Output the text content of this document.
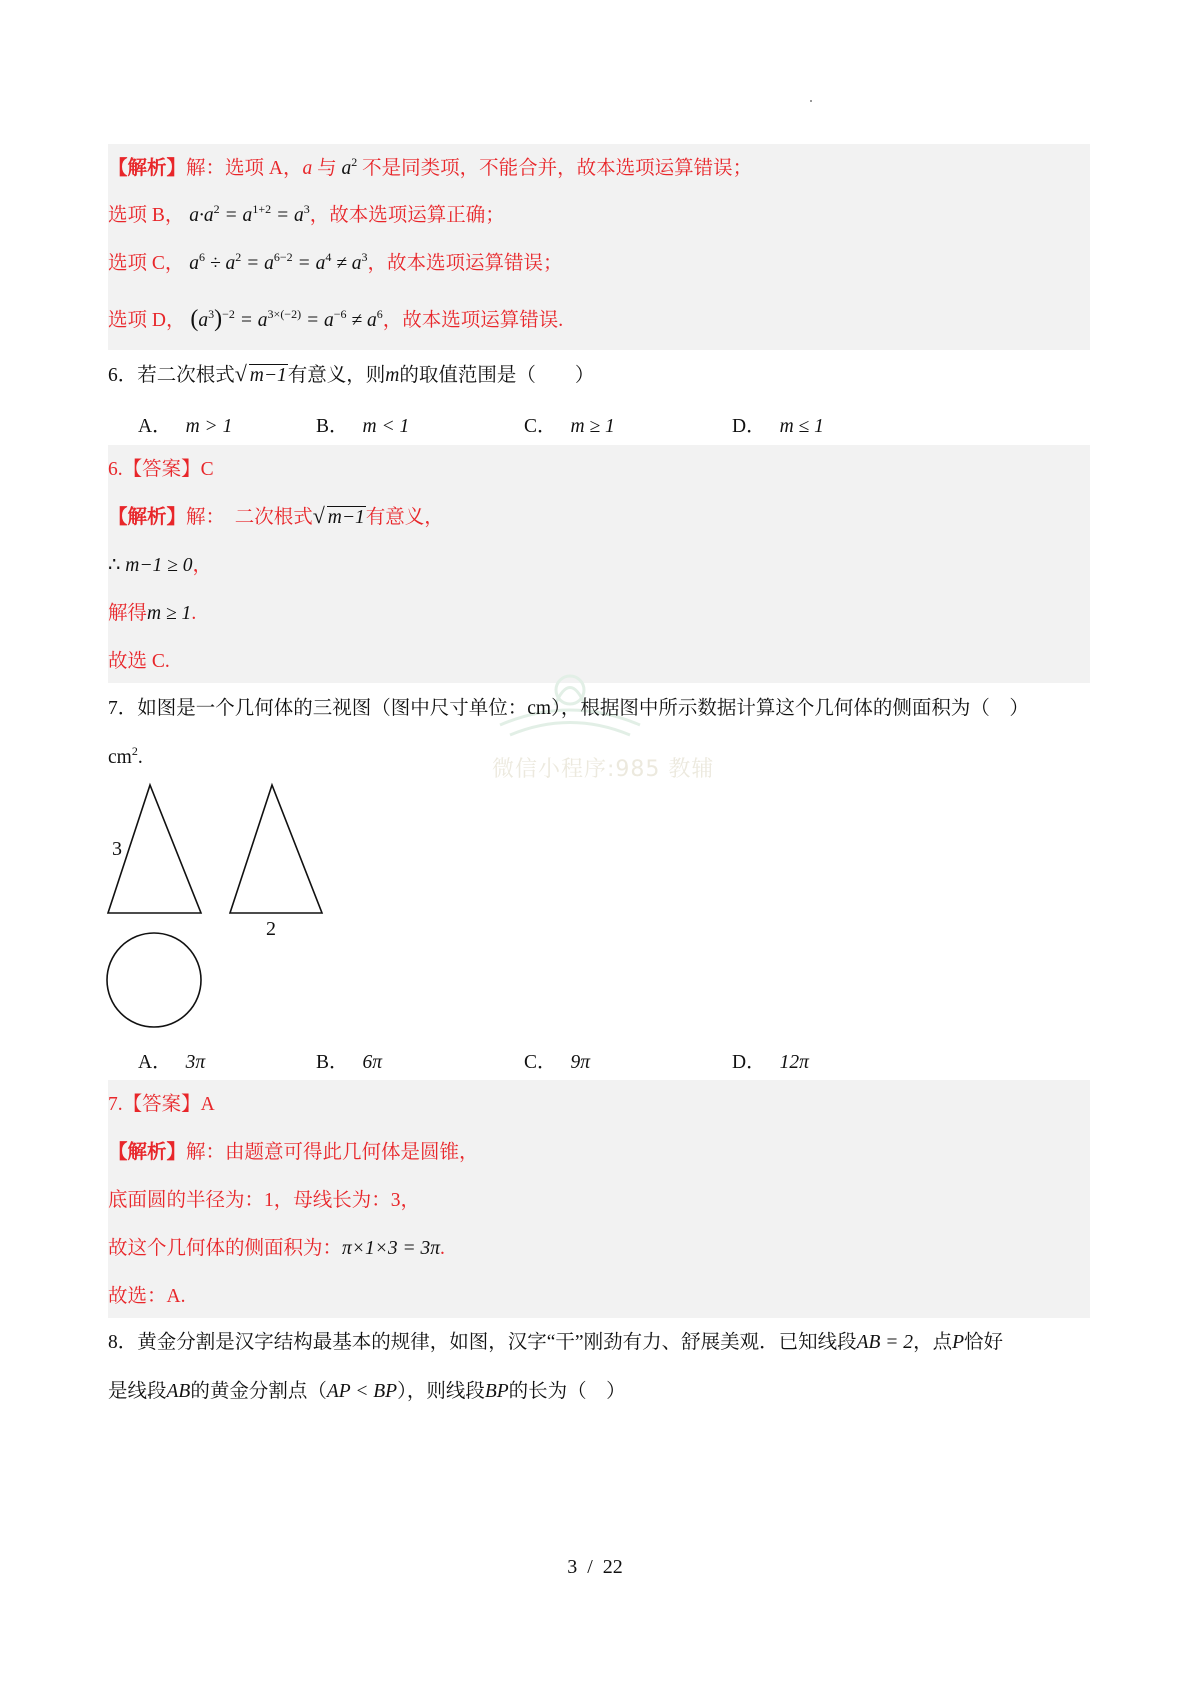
【解析】解：选项 A，a 与 $a^2$ 不是同类项，不能合并，故本选项运算错误；
选项 B， $a\cdot a^2 = a^{1+2} = a^3$，故本选项运算正确；
选项 C， $a^6 \div a^2 = a^{6-2} = a^4 \ne a^3$，故本选项运算错误；
选项 D， $(a^3)^{-2} = a^{3\times(-2)} = a^{-6} \ne a^6$，故本选项运算错误.
6．若二次根式 √ m−1有意义，则m的取值范围是（　　）
A． m > 1	B． m < 1	C． m ≥ 1	D． m ≤ 1
6.【答案】C
【解析】解：　二次根式 √ m−1有意义，
∴ m−1 ≥ 0，
解得m ≥ 1.
故选 C.
微信小程序:985 教辅
7．如图是一个几何体的三视图（图中尺寸单位：cm），根据图中所示数据计算这个几何体的侧面积为（　）
$cm^2$.
3
2
A． 3π	B． 6π	C． 9π	D． 12π
7.【答案】A
【解析】解：由题意可得此几何体是圆锥，
底面圆的半径为：1，母线长为：3，
故这个几何体的侧面积为：π×1×3 = 3π.
故选：A.
8．黄金分割是汉字结构最基本的规律，如图，汉字“干”刚劲有力、舒展美观．已知线段AB = 2，点P恰好
是线段AB的黄金分割点（AP < BP），则线段BP的长为（　）
3 / 22
